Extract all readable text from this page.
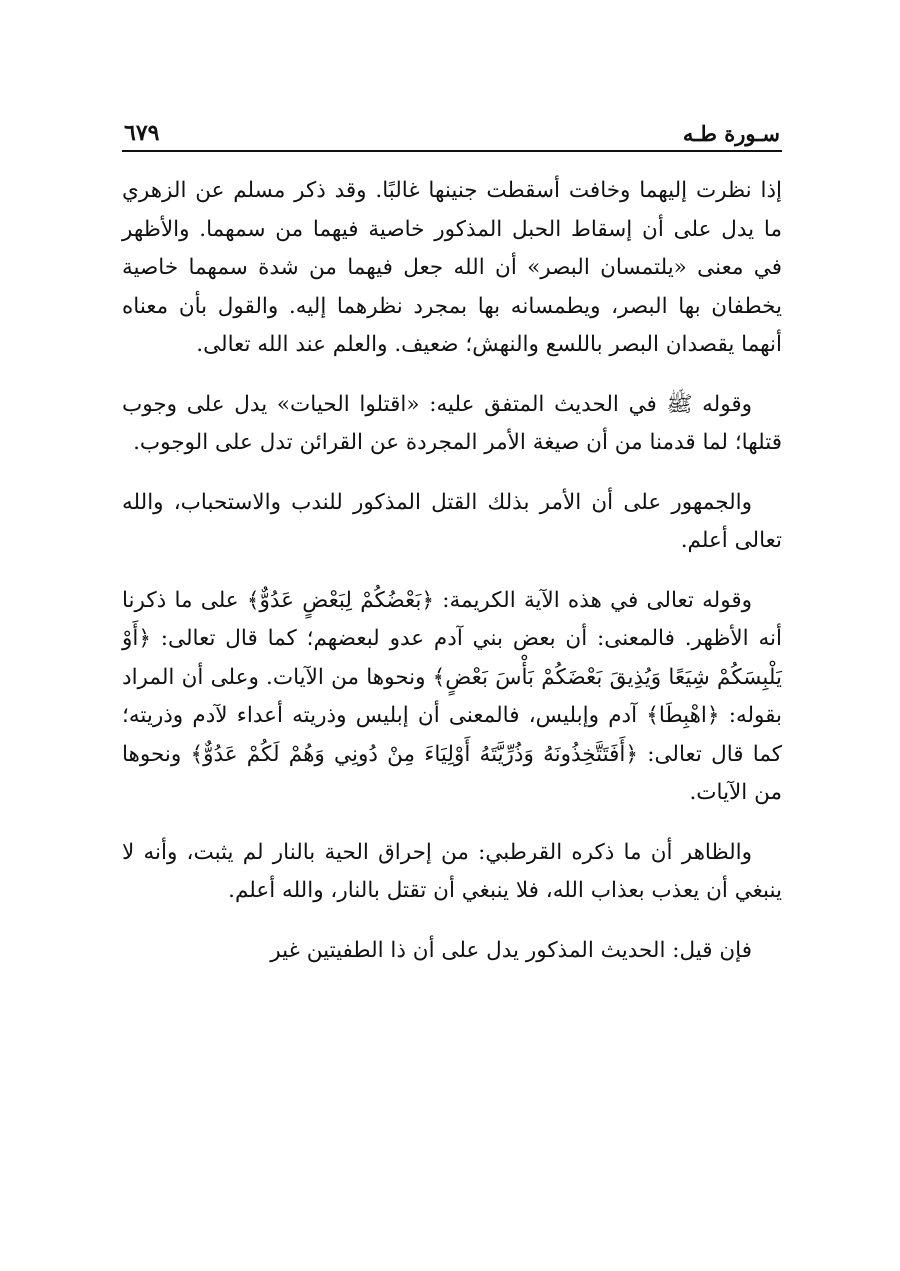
سـورة طـه
٦٧٩

إذا نظرت إليهما وخافت أسقطت جنينها غالبًا. وقد ذكر مسلم عن الزهري ما يدل على أن إسقاط الحبل المذكور خاصية فيهما من سمهما. والأظهر في معنى «يلتمسان البصر» أن الله جعل فيهما من شدة سمهما خاصية يخطفان بها البصر، ويطمسانه بها بمجرد نظرهما إليه. والقول بأن معناه أنهما يقصدان البصر باللسع والنهش؛ ضعيف. والعلم عند الله تعالى.

وقوله ﷺ في الحديث المتفق عليه: «اقتلوا الحيات» يدل على وجوب قتلها؛ لما قدمنا من أن صيغة الأمر المجردة عن القرائن تدل على الوجوب.

والجمهور على أن الأمر بذلك القتل المذكور للندب والاستحباب، والله تعالى أعلم.

وقوله تعالى في هذه الآية الكريمة: ﴿بَعْضُكُمْ لِبَعْضٍ عَدُوٌّ﴾ على ما ذكرنا أنه الأظهر. فالمعنى: أن بعض بني آدم عدو لبعضهم؛ كما قال تعالى: ﴿أَوْ يَلْبِسَكُمْ شِيَعًا وَيُذِيقَ بَعْضَكُمْ بَأْسَ بَعْضٍ﴾ ونحوها من الآيات. وعلى أن المراد بقوله: ﴿اهْبِطَا﴾ آدم وإبليس، فالمعنى أن إبليس وذريته أعداء لآدم وذريته؛ كما قال تعالى: ﴿أَفَتَتَّخِذُونَهُ وَذُرِّيَّتَهُ أَوْلِيَاءَ مِنْ دُونِي وَهُمْ لَكُمْ عَدُوٌّ﴾ ونحوها من الآيات.

والظاهر أن ما ذكره القرطبي: من إحراق الحية بالنار لم يثبت، وأنه لا ينبغي أن يعذب بعذاب الله، فلا ينبغي أن تقتل بالنار، والله أعلم.

فإن قيل: الحديث المذكور يدل على أن ذا الطفيتين غير
